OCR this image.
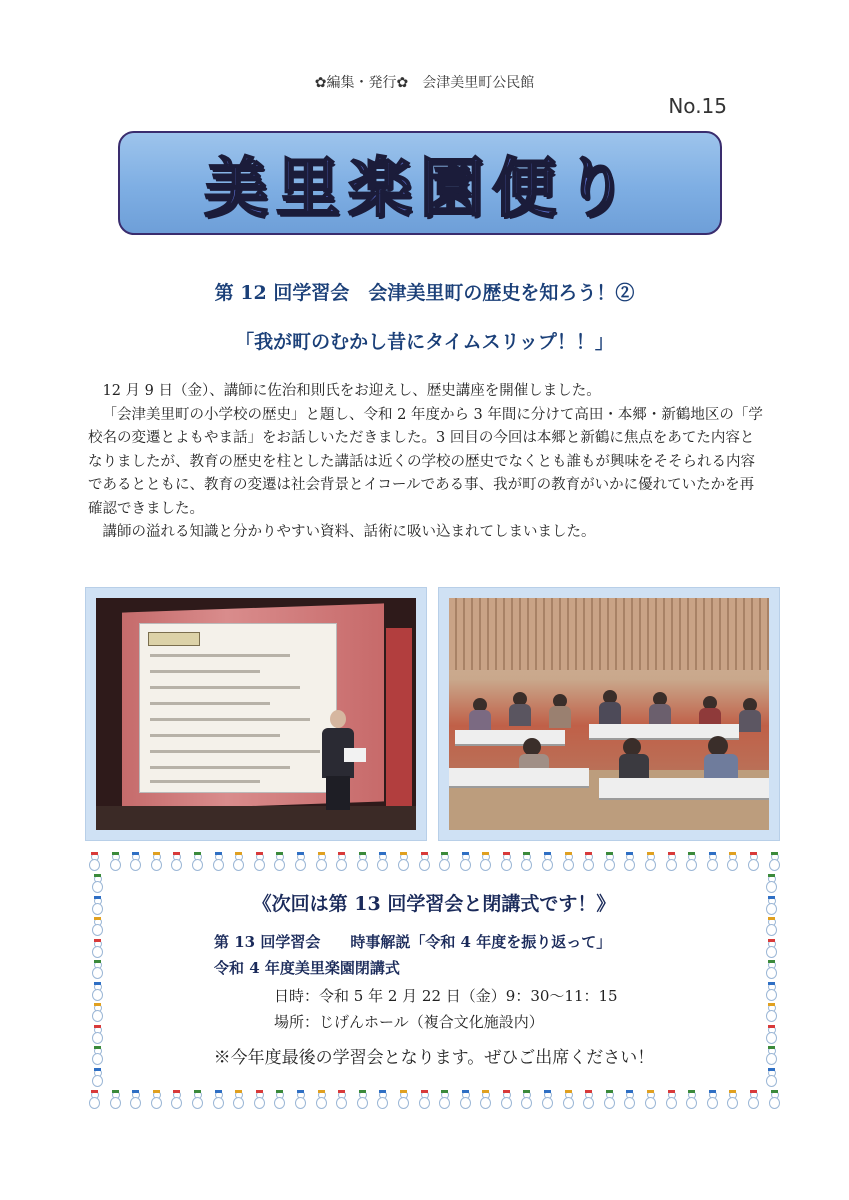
✿編集・発行✿ 会津美里町公民館
No.15
美里楽園便り
第 12 回学習会　会津美里町の歴史を知ろう！②
「我が町のむかし昔にタイムスリップ！！」

12 月 9 日（金）、講師に佐治和則氏をお迎えし、歴史講座を開催しました。

「会津美里町の小学校の歴史」と題し、令和 2 年度から 3 年間に分けて高田・本郷・新鶴地区の「学校名の変遷とよもやま話」をお話しいただきました。3 回目の今回は本郷と新鶴に焦点をあてた内容となりましたが、教育の歴史を柱とした講話は近くの学校の歴史でなくとも誰もが興味をそそられる内容であるとともに、教育の変遷は社会背景とイコールである事、我が町の教育がいかに優れていたかを再確認できました。

講師の溢れる知識と分かりやすい資料、話術に吸い込まれてしまいました。

《次回は第 13 回学習会と閉講式です！》
第 13 回学習会　　時事解説「令和 4 年度を振り返って」
令和 4 年度美里楽園閉講式
日時：令和 5 年 2 月 22 日（金）9：30〜11：15
場所：じげんホール（複合文化施設内）
※今年度最後の学習会となります。ぜひご出席ください！
